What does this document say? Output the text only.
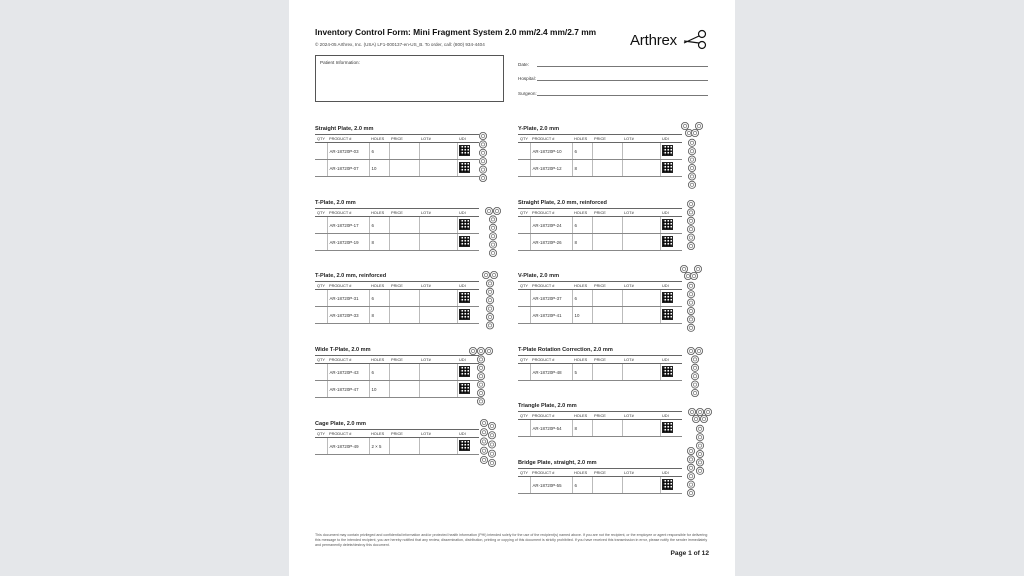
Inventory Control Form: Mini Fragment System 2.0 mm/2.4 mm/2.7 mm
© 2024-05 Arthrex, Inc. (USA) LF1-000137-en-US_B. To order, call: (800) 934-4404	Arthrex
Patient Information:	Date:
Hospital:
Surgeon:
Straight Plate, 2.0 mm
QTY	PRODUCT #	HOLES	PRICE	LOT#	UDI
	AR-18720P-03	6			
	AR-18720P-07	10			
T-Plate, 2.0 mm
QTY	PRODUCT #	HOLES	PRICE	LOT#	UDI
	AR-18720P-17	6			
	AR-18720P-19	8			
T-Plate, 2.0 mm, reinforced
QTY	PRODUCT #	HOLES	PRICE	LOT#	UDI
	AR-18720P-31	6			
	AR-18720P-33	8			
Wide T-Plate, 2.0 mm
QTY	PRODUCT #	HOLES	PRICE	LOT#	UDI
	AR-18720P-43	6			
	AR-18720P-47	10			
Cage Plate, 2.0 mm
QTY	PRODUCT #	HOLES	PRICE	LOT#	UDI
	AR-18720P-49	2 × 5			
Y-Plate, 2.0 mm
QTY	PRODUCT #	HOLES	PRICE	LOT#	UDI
	AR-18720P-10	6			
	AR-18720P-12	8			
Straight Plate, 2.0 mm, reinforced
QTY	PRODUCT #	HOLES	PRICE	LOT#	UDI
	AR-18720P-24	6			
	AR-18720P-26	8			
V-Plate, 2.0 mm
QTY	PRODUCT #	HOLES	PRICE	LOT#	UDI
	AR-18720P-37	6			
	AR-18720P-41	10			
T-Plate Rotation Correction, 2.0 mm
QTY	PRODUCT #	HOLES	PRICE	LOT#	UDI
	AR-18720P-48	5			
Triangle Plate, 2.0 mm
QTY	PRODUCT #	HOLES	PRICE	LOT#	UDI
	AR-18720P-54	8			
Bridge Plate, straight, 2.0 mm
QTY	PRODUCT #	HOLES	PRICE	LOT#	UDI
	AR-18720P-55	6			
This document may contain privileged and confidential information and/or protected health information (PHI) intended solely for the use of the recipient(s) named above. If you are not the recipient, or the employee or agent responsible for delivering this message to the intended recipient, you are hereby notified that any review, dissemination, distribution, printing or copying of this document is strictly prohibited. If you have received this transmission in error, please notify the sender immediately and permanently delete/destroy this document.
Page 1 of 12
